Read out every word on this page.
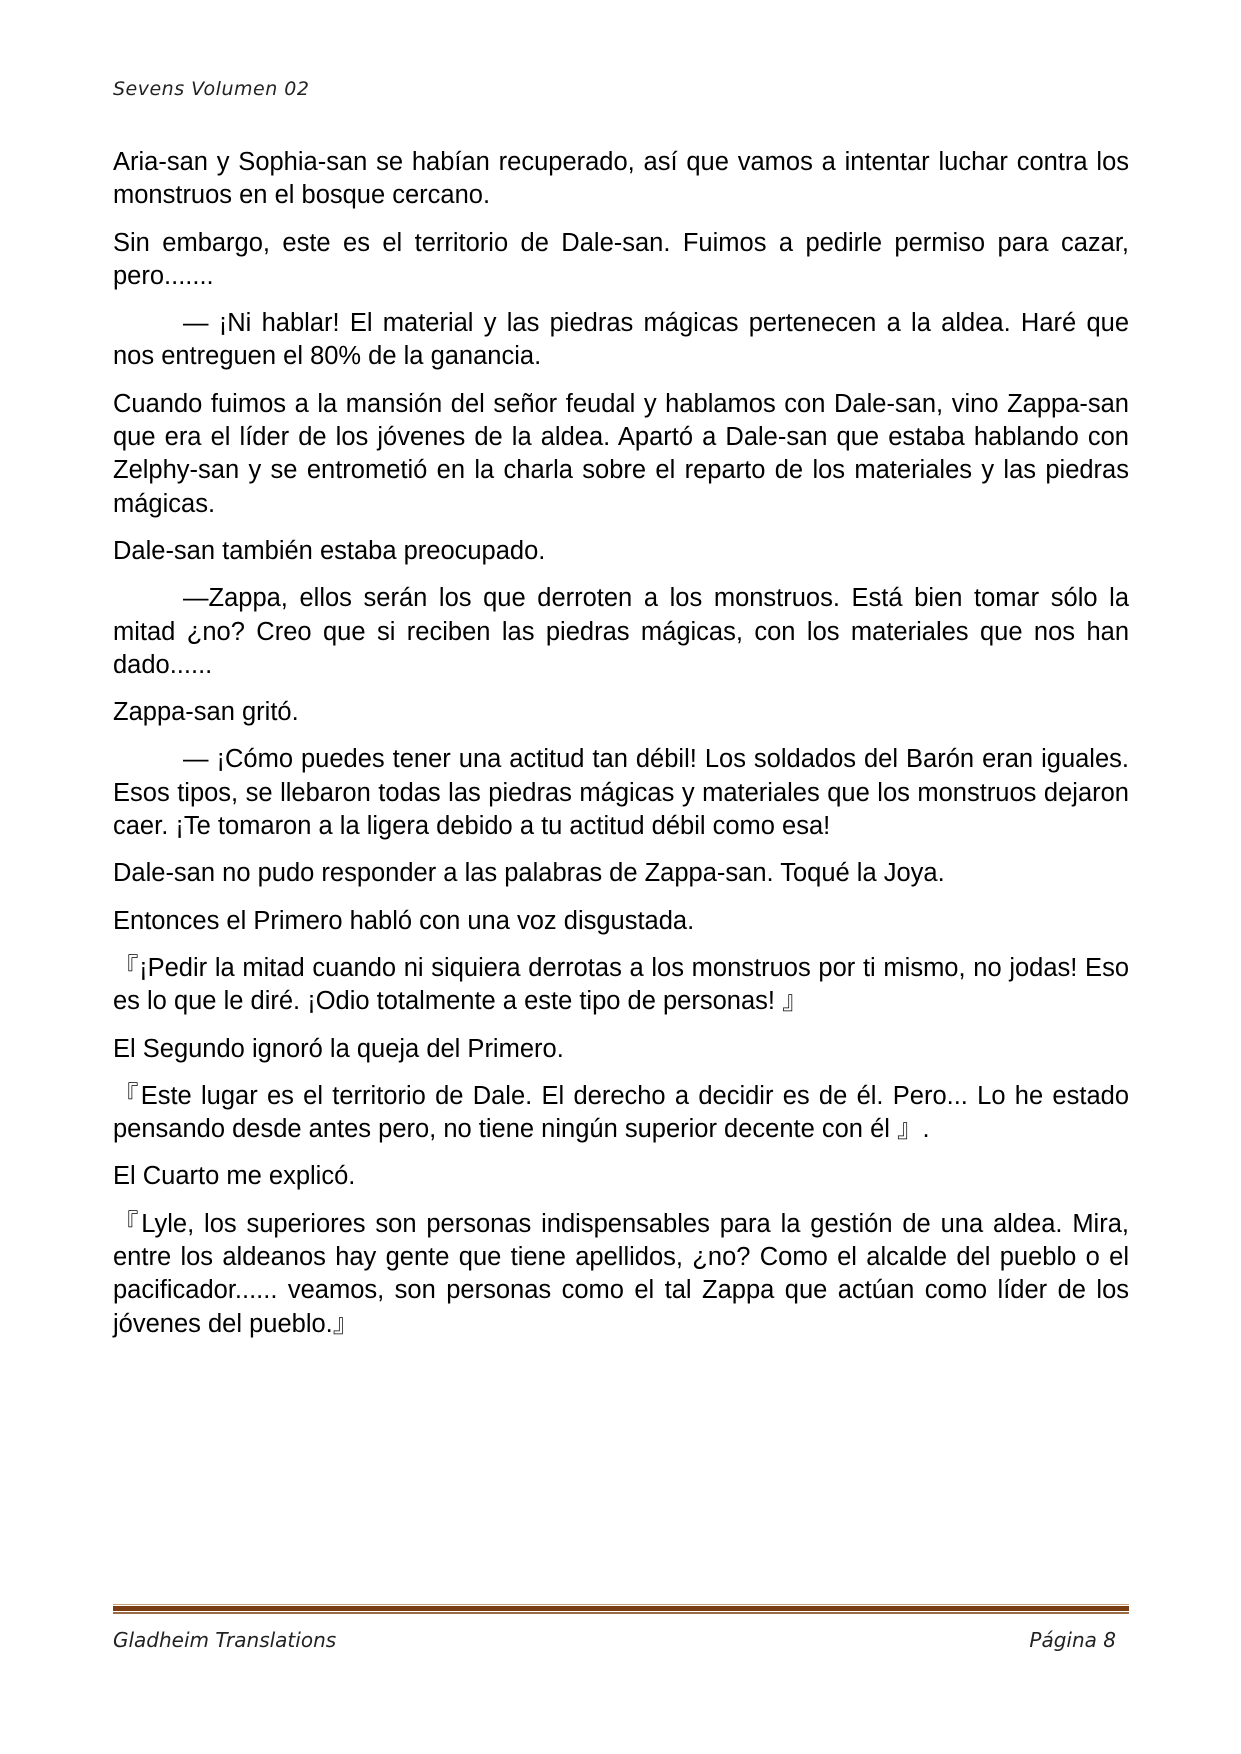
Sevens Volumen 02

Aria-san y Sophia-san se habían recuperado, así que vamos a intentar luchar contra los monstruos en el bosque cercano.

Sin embargo, este es el territorio de Dale-san. Fuimos a pedirle permiso para cazar, pero.......

— ¡Ni hablar! El material y las piedras mágicas pertenecen a la aldea. Haré que nos entreguen el 80% de la ganancia.

Cuando fuimos a la mansión del señor feudal y hablamos con Dale-san, vino Zappa-san que era el líder de los jóvenes de la aldea. Apartó a Dale-san que estaba hablando con Zelphy-san y se entrometió en la charla sobre el reparto de los materiales y las piedras mágicas.

Dale-san también estaba preocupado.

—Zappa, ellos serán los que derroten a los monstruos. Está bien tomar sólo la mitad ¿no? Creo que si reciben las piedras mágicas, con los materiales que nos han dado......

Zappa-san gritó.

— ¡Cómo puedes tener una actitud tan débil! Los soldados del Barón eran iguales. Esos tipos, se llebaron todas las piedras mágicas y materiales que los monstruos dejaron caer. ¡Te tomaron a la ligera debido a tu actitud débil como esa!

Dale-san no pudo responder a las palabras de Zappa-san. Toqué la Joya.

Entonces el Primero habló con una voz disgustada.

『¡Pedir la mitad cuando ni siquiera derrotas a los monstruos por ti mismo, no jodas! Eso es lo que le diré. ¡Odio totalmente a este tipo de personas! 』

El Segundo ignoró la queja del Primero.

『Este lugar es el territorio de Dale. El derecho a decidir es de él. Pero... Lo he estado pensando desde antes pero, no tiene ningún superior decente con él 』.

El Cuarto me explicó.

『Lyle, los superiores son personas indispensables para la gestión de una aldea. Mira, entre los aldeanos hay gente que tiene apellidos, ¿no? Como el alcalde del pueblo o el pacificador...... veamos, son personas como el tal Zappa que actúan como líder de los jóvenes del pueblo.』

Gladheim Translations	Página 8
